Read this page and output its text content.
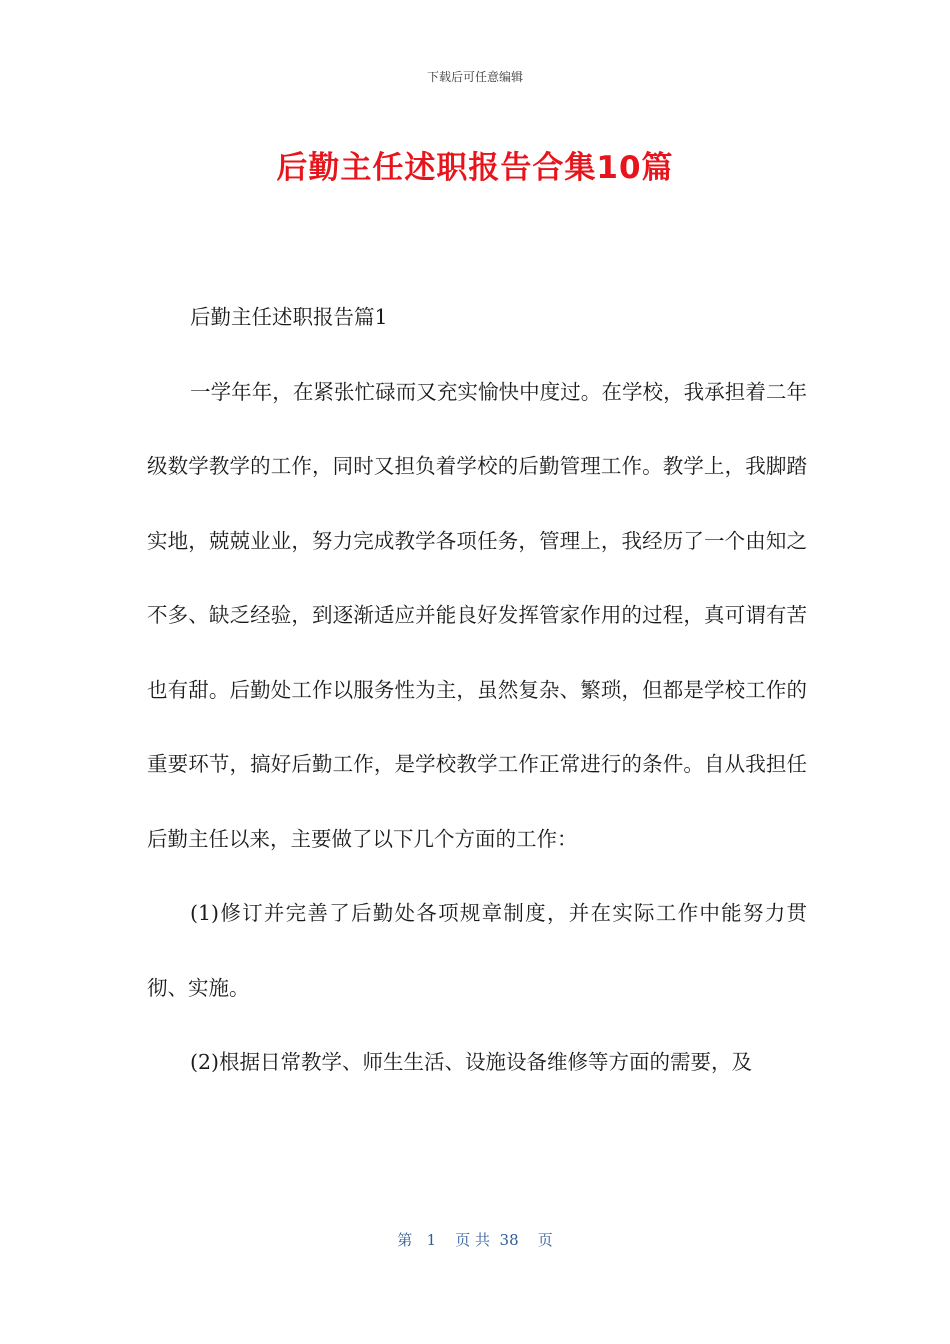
下载后可任意编辑
后勤主任述职报告合集10篇

后勤主任述职报告篇1

一学年年，在紧张忙碌而又充实愉快中度过。在学校，我承担着二年级数学教学的工作，同时又担负着学校的后勤管理工作。教学上，我脚踏实地，兢兢业业，努力完成教学各项任务，管理上，我经历了一个由知之不多、缺乏经验，到逐渐适应并能良好发挥管家作用的过程，真可谓有苦也有甜。后勤处工作以服务性为主，虽然复杂、繁琐，但都是学校工作的重要环节，搞好后勤工作，是学校教学工作正常进行的条件。自从我担任后勤主任以来，主要做了以下几个方面的工作：

(1)修订并完善了后勤处各项规章制度，并在实际工作中能努力贯彻、实施。

(2)根据日常教学、师生生活、设施设备维修等方面的需要，及

第 1 页 共 38 页
